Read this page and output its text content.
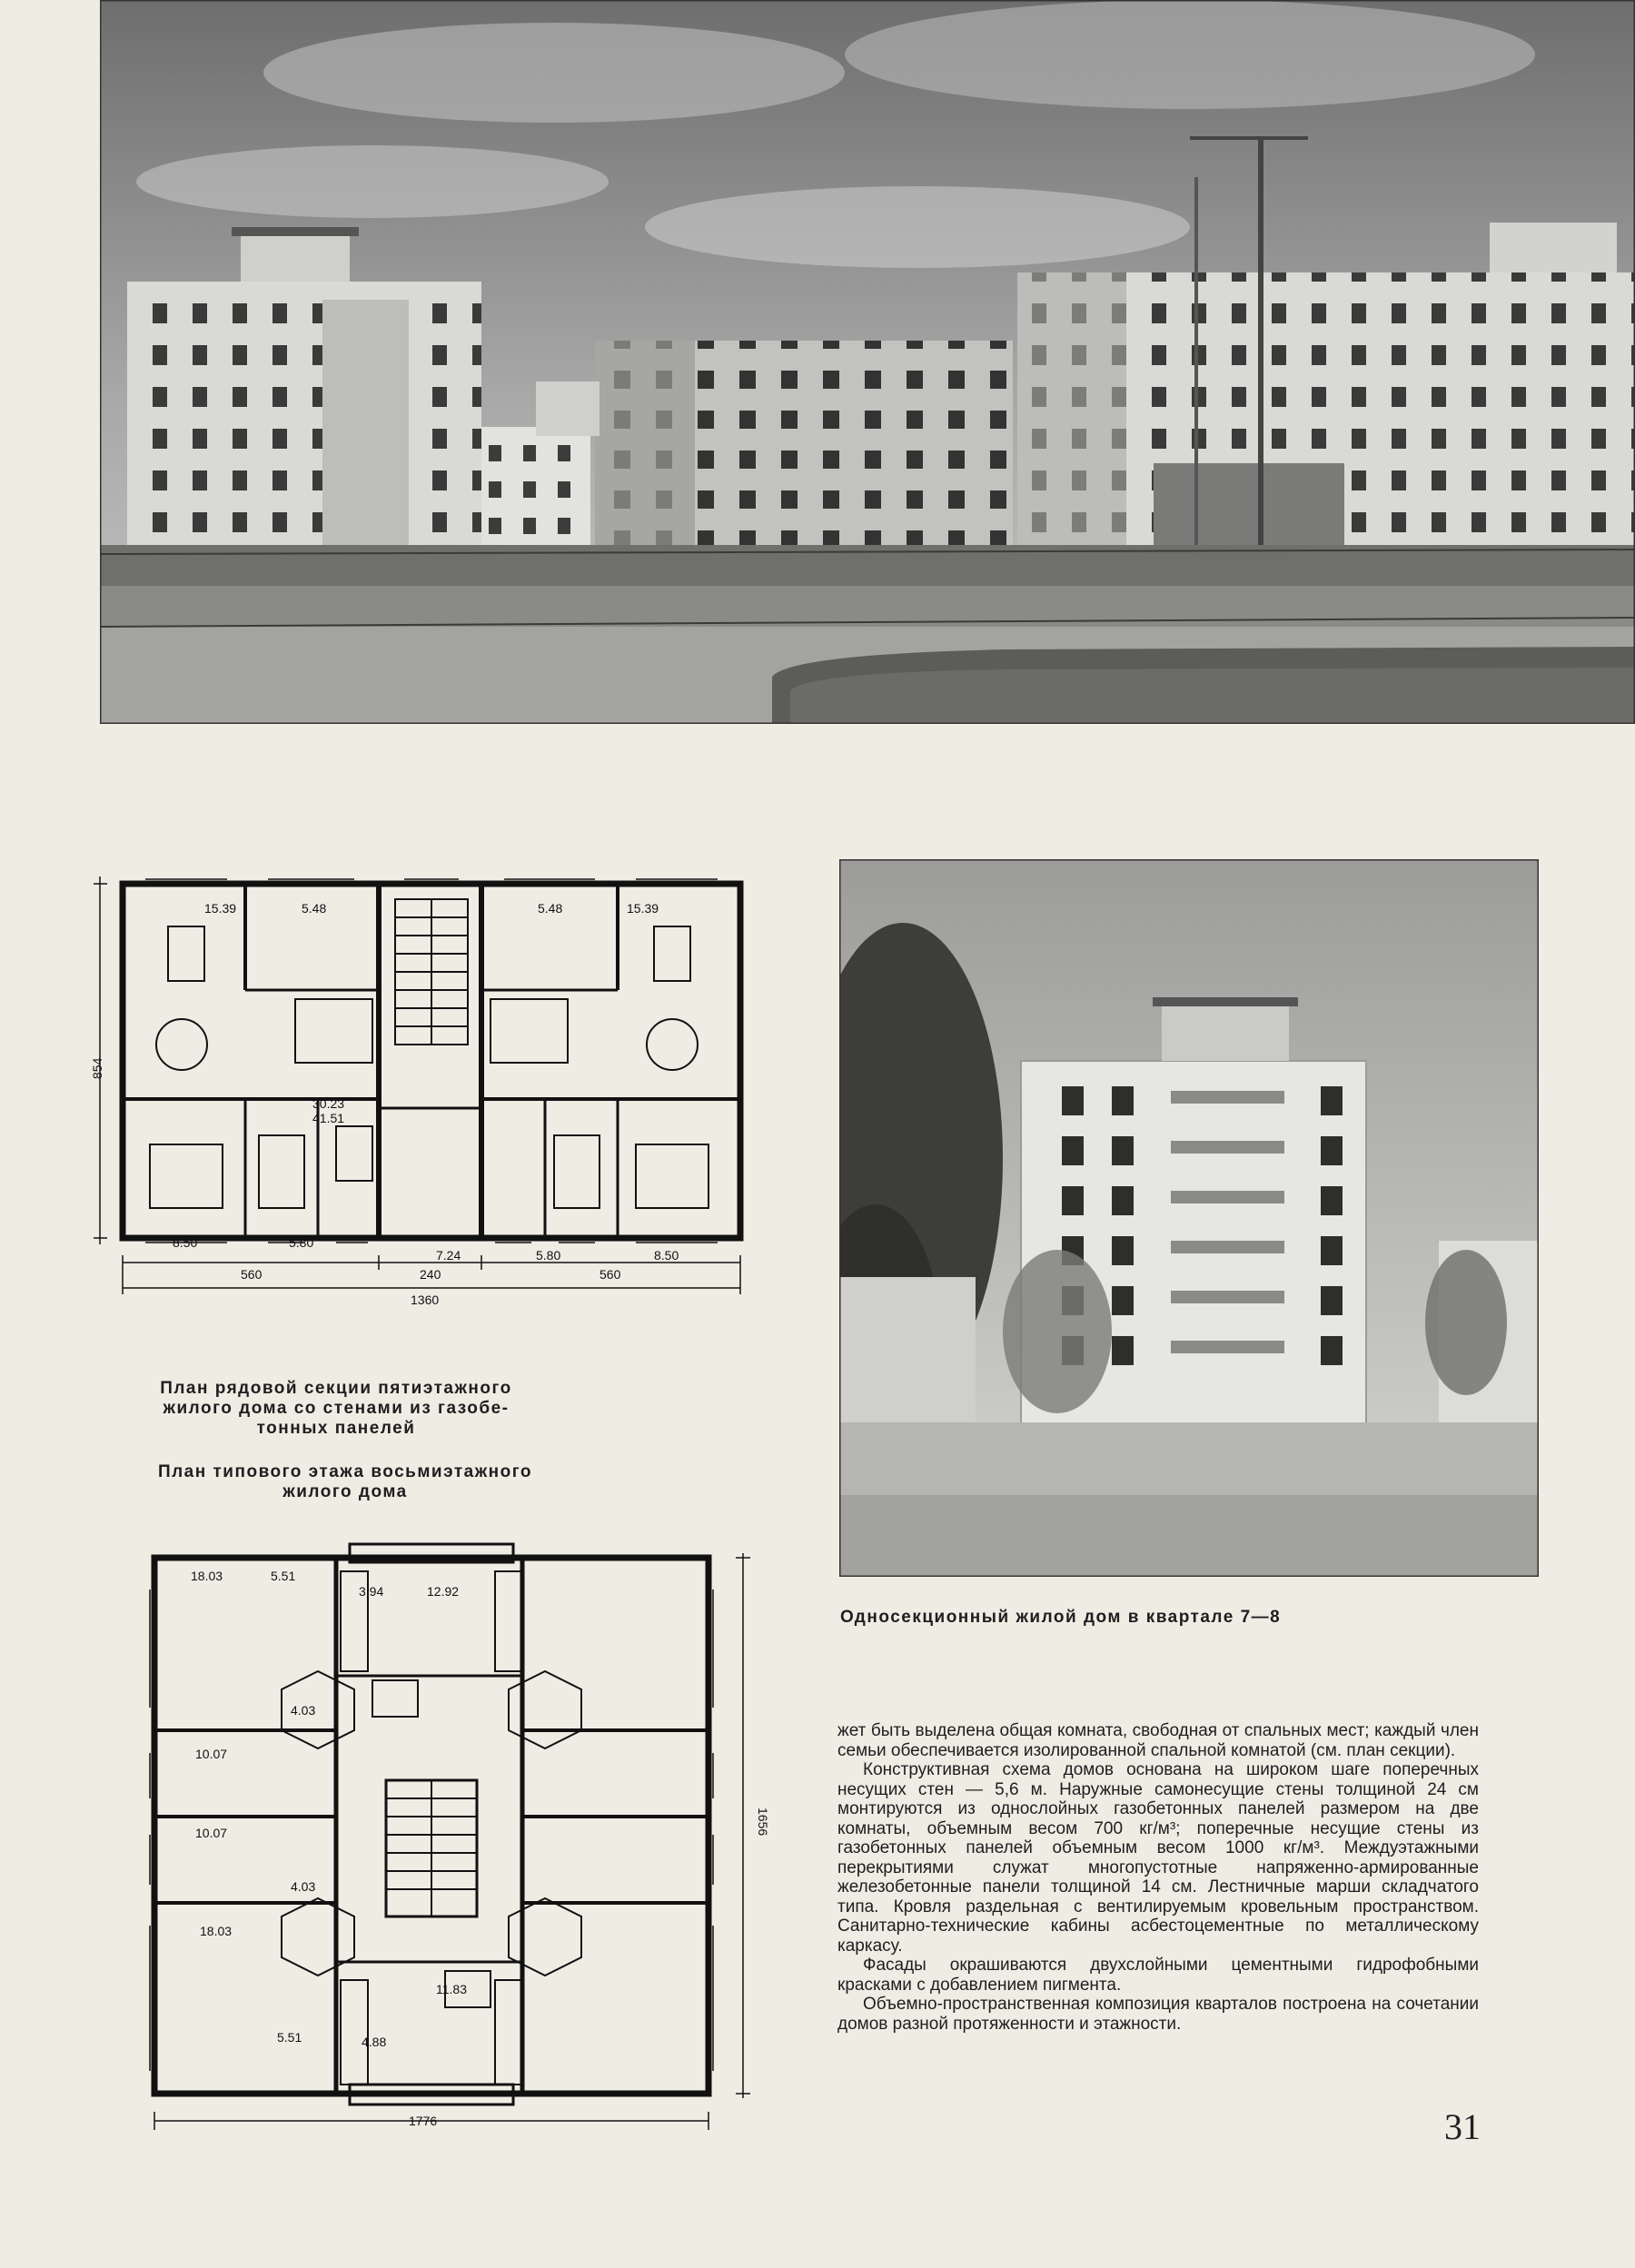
15.39	5.48	5.48	15.39
30.23
41.51
8.50	5.80
7.24	5.80	8.50
854
560	240	560
1360
План рядовой секции пятиэтажного
жилого дома со стенами из газобе-
тонных панелей
План типового этажа восьмиэтажного
жилого дома
18.03	5.51
3.94	12.92
4.03
10.07
10.07
4.03
18.03
11.83
5.51	4.88
1656
1776
Односекционный жилой дом в квартале 7—8

жет быть выделена общая комната, свободная от спальных мест; каждый член семьи обеспечивается изолированной спальной комнатой (см. план секции).

Конструктивная схема домов основана на широком шаге поперечных несущих стен — 5,6 м. Наружные самонесущие стены толщиной 24 см монтируются из однослойных газобетонных панелей размером на две комнаты, объемным весом 700 кг/м³; поперечные несущие стены из газобетонных панелей объемным весом 1000 кг/м³. Междуэтажными перекрытиями служат многопустотные напряженно-армированные железобетонные панели толщиной 14 см. Лестничные марши складчатого типа. Кровля раздельная с вентилируемым кровельным пространством. Санитарно-технические кабины асбестоцементные по металлическому каркасу.

Фасады окрашиваются двухслойными цементными гидрофобными красками с добавлением пигмента.

Объемно-пространственная композиция кварталов построена на сочетании домов разной протяженности и этажности.

31
